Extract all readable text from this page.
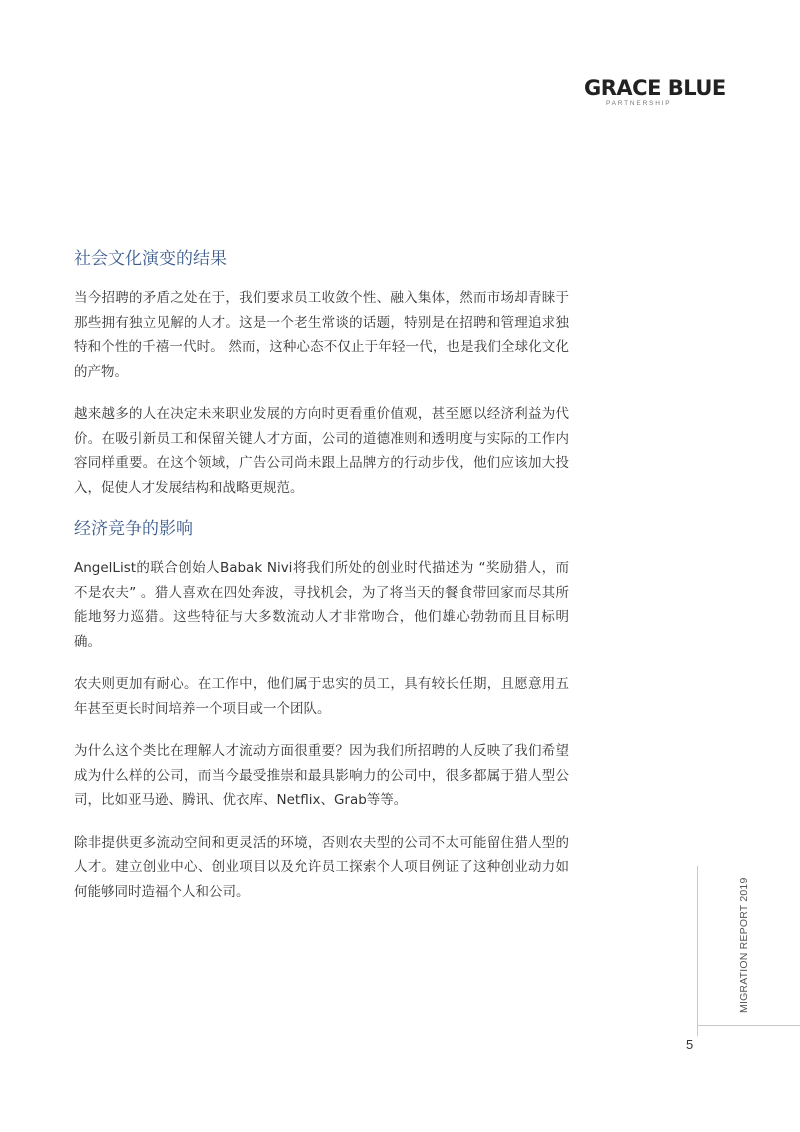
baogao8.com
GRACE BLUE
PARTNERSHIP
社会文化演变的结果

当今招聘的矛盾之处在于，我们要求员工收敛个性、融入集体，然而市场却青睐于那些拥有独立见解的人才。这是一个老生常谈的话题，特别是在招聘和管理追求独特和个性的千禧一代时。 然而，这种心态不仅止于年轻一代，也是我们全球化文化的产物。

越来越多的人在决定未来职业发展的方向时更看重价值观，甚至愿以经济利益为代价。在吸引新员工和保留关键人才方面，公司的道德准则和透明度与实际的工作内容同样重要。在这个领域，广告公司尚未跟上品牌方的行动步伐，他们应该加大投入，促使人才发展结构和战略更规范。

经济竞争的影响

AngelList的联合创始人Babak Nivi将我们所处的创业时代描述为 “奖励猎人，而不是农夫” 。猎人喜欢在四处奔波，寻找机会，为了将当天的餐食带回家而尽其所能地努力巡猎。这些特征与大多数流动人才非常吻合，他们雄心勃勃而且目标明确。

农夫则更加有耐心。在工作中，他们属于忠实的员工，具有较长任期，且愿意用五年甚至更长时间培养一个项目或一个团队。

为什么这个类比在理解人才流动方面很重要？因为我们所招聘的人反映了我们希望成为什么样的公司，而当今最受推崇和最具影响力的公司中，很多都属于猎人型公司，比如亚马逊、腾讯、优衣库、Netflix、Grab等等。

除非提供更多流动空间和更灵活的环境，否则农夫型的公司不太可能留住猎人型的人才。建立创业中心、创业项目以及允许员工探索个人项目例证了这种创业动力如何能够同时造福个人和公司。	MIGRATION REPORT 2019
5
